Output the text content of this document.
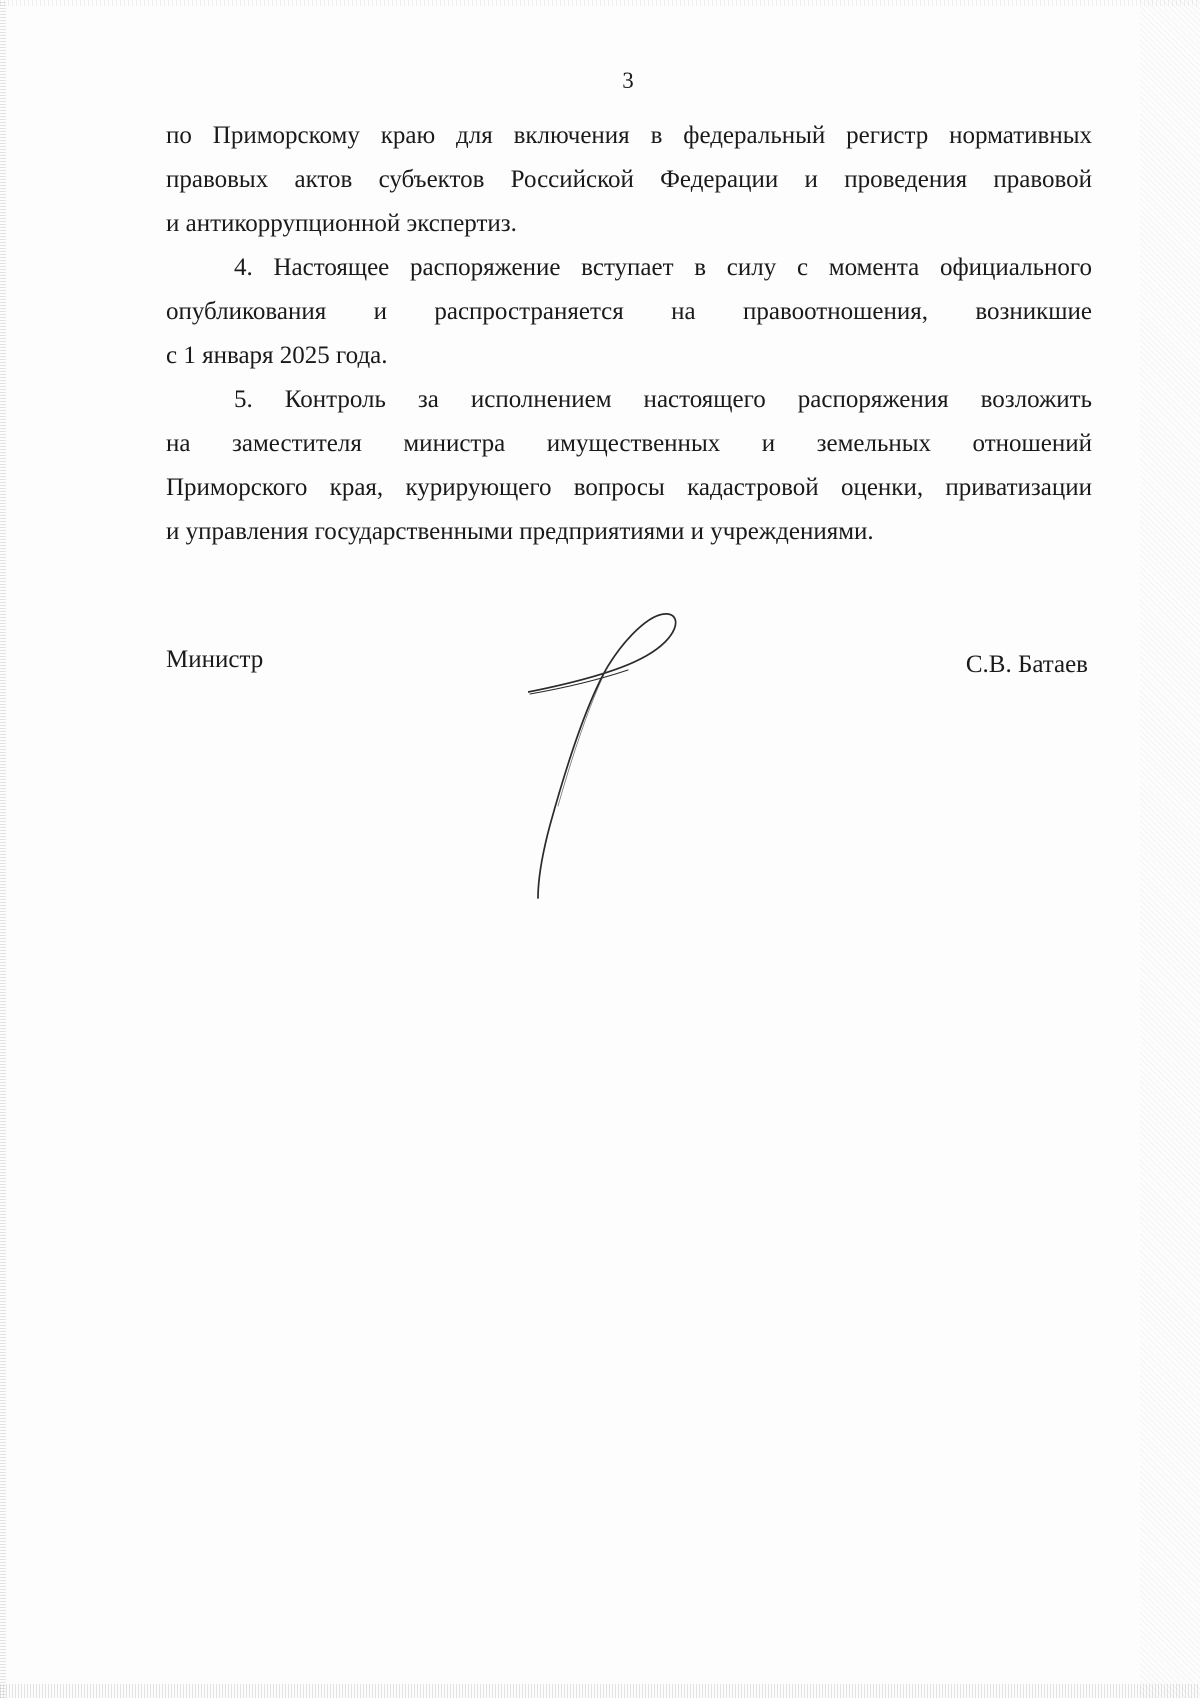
3

по Приморскому краю для включения в федеральный регистр нормативных
правовых актов субъектов Российской Федерации и проведения правовой
и антикоррупционной экспертиз.

4. Настоящее распоряжение вступает в силу с момента официального
опубликования и распространяется на правоотношения, возникшие
с 1 января 2025 года.

5. Контроль за исполнением настоящего распоряжения возложить
на заместителя министра имущественных и земельных отношений
Приморского края, курирующего вопросы кадастровой оценки, приватизации
и управления государственными предприятиями и учреждениями.

Министр	С.В. Батаев
